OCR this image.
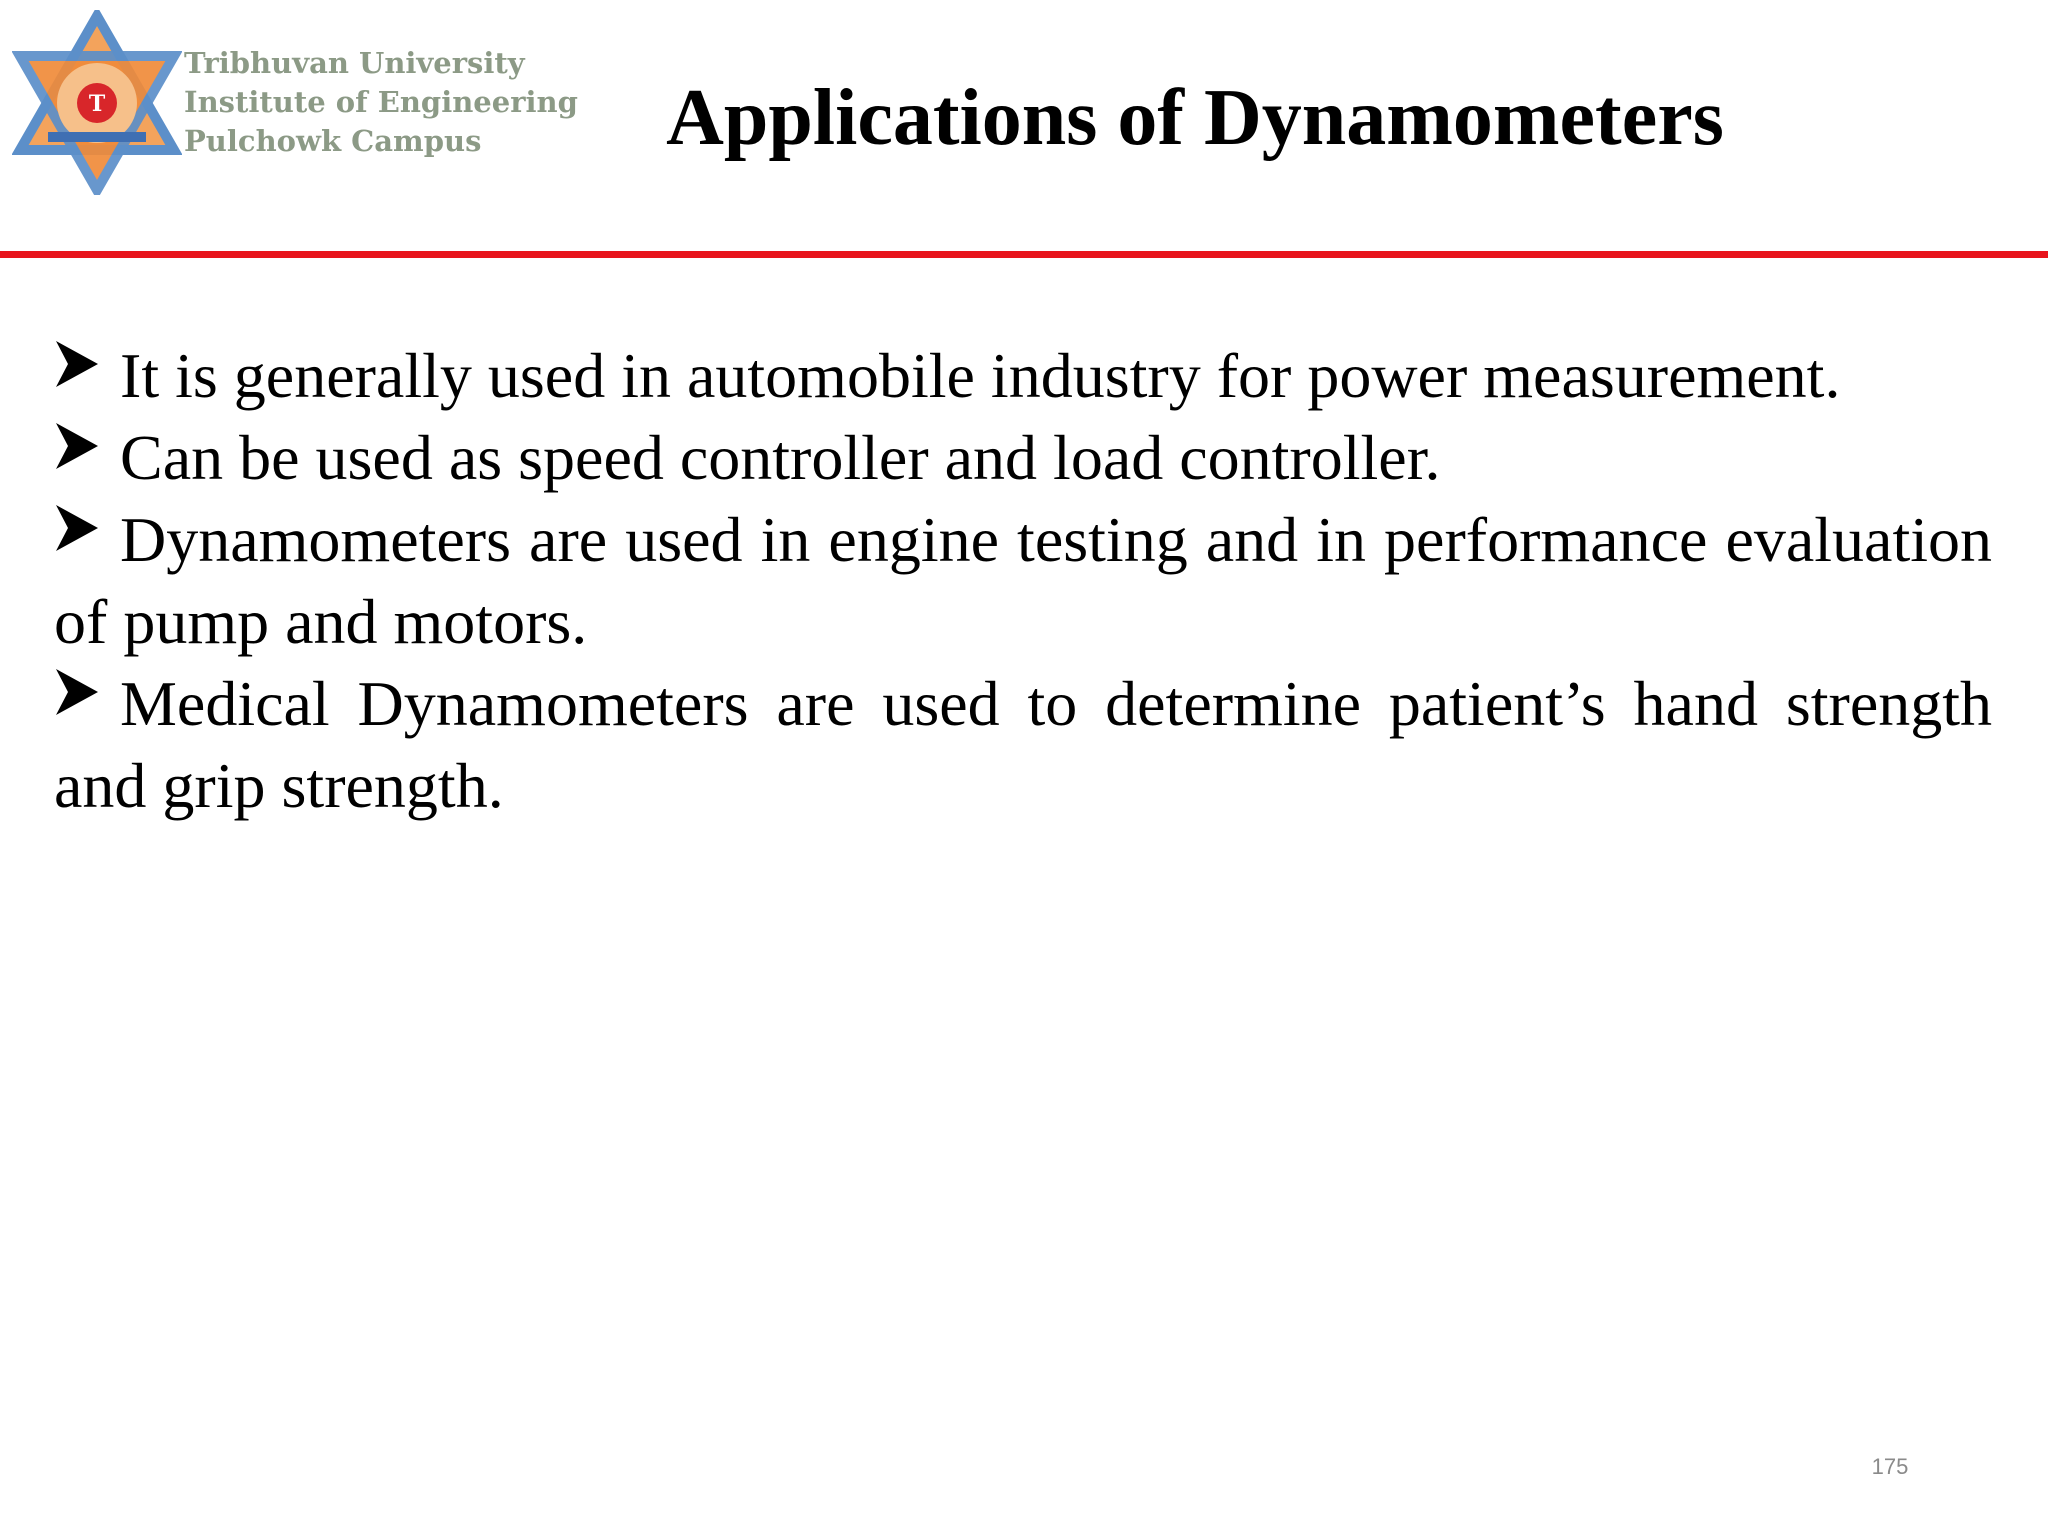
T
Tribhuvan University
Institute of Engineering
Pulchowk Campus	Applications of Dynamometers

It is generally used in automobile industry for power measurement.

Can be used as speed controller and load controller.

Dynamometers are used in engine testing and in performance evaluation of pump and motors.

Medical Dynamometers are used to determine patient’s hand strength and grip strength.

175
